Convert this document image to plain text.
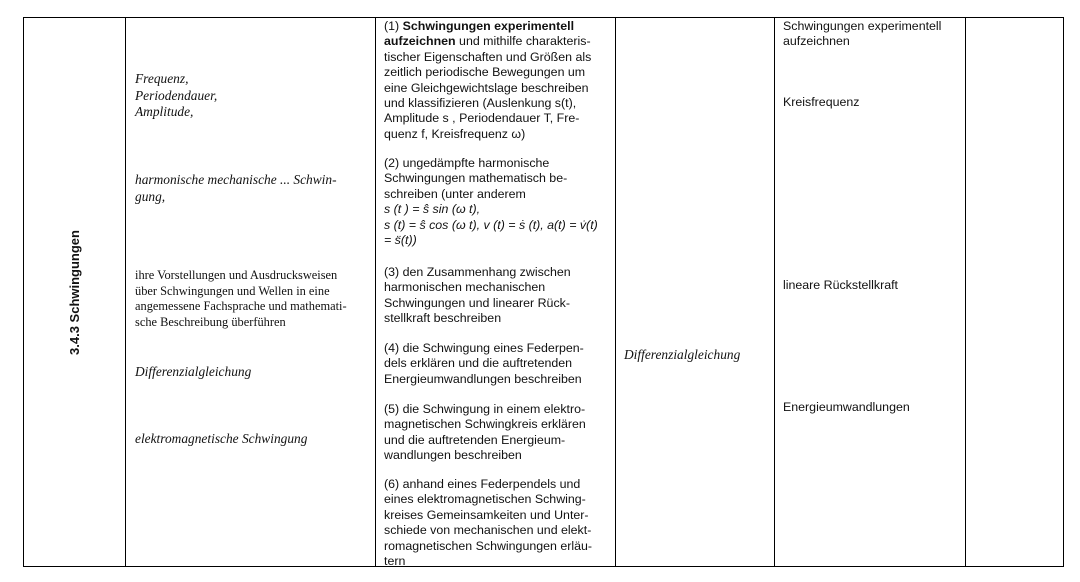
3.4.3 Schwingungen
Frequenz,
Periodendauer,
Amplitude,
harmonische mechanische ... Schwin-
gung,
ihre Vorstellungen und Ausdrucksweisen
über Schwingungen und Wellen in eine
angemessene Fachsprache und mathemati-
sche Beschreibung überführen
Differenzialgleichung
elektromagnetische Schwingung
(1) Schwingungen experimentell
aufzeichnen und mithilfe charakteris-
tischer Eigenschaften und Größen als
zeitlich periodische Bewegungen um
eine Gleichgewichtslage beschreiben
und klassifizieren (Auslenkung s(t),
Amplitude s , Periodendauer T, Fre-
quenz f, Kreisfrequenz ω)
(2) ungedämpfte harmonische
Schwingungen mathematisch be-
schreiben (unter anderem
s (t ) = ŝ sin (ω t),
s (t) = ŝ cos (ω t), v (t) = ṡ (t), a(t) = v̇(t)
= s̈(t))
(3) den Zusammenhang zwischen
harmonischen mechanischen
Schwingungen und linearer Rück-
stellkraft beschreiben
(4) die Schwingung eines Federpen-
dels erklären und die auftretenden
Energieumwandlungen beschreiben
(5) die Schwingung in einem elektro-
magnetischen Schwingkreis erklären
und die auftretenden Energieum-
wandlungen beschreiben
(6) anhand eines Federpendels und
eines elektromagnetischen Schwing-
kreises Gemeinsamkeiten und Unter-
schiede von mechanischen und elekt-
romagnetischen Schwingungen erläu-
tern
Differenzialgleichung
Schwingungen experimentell
aufzeichnen
Kreisfrequenz
lineare Rückstellkraft
Energieumwandlungen
